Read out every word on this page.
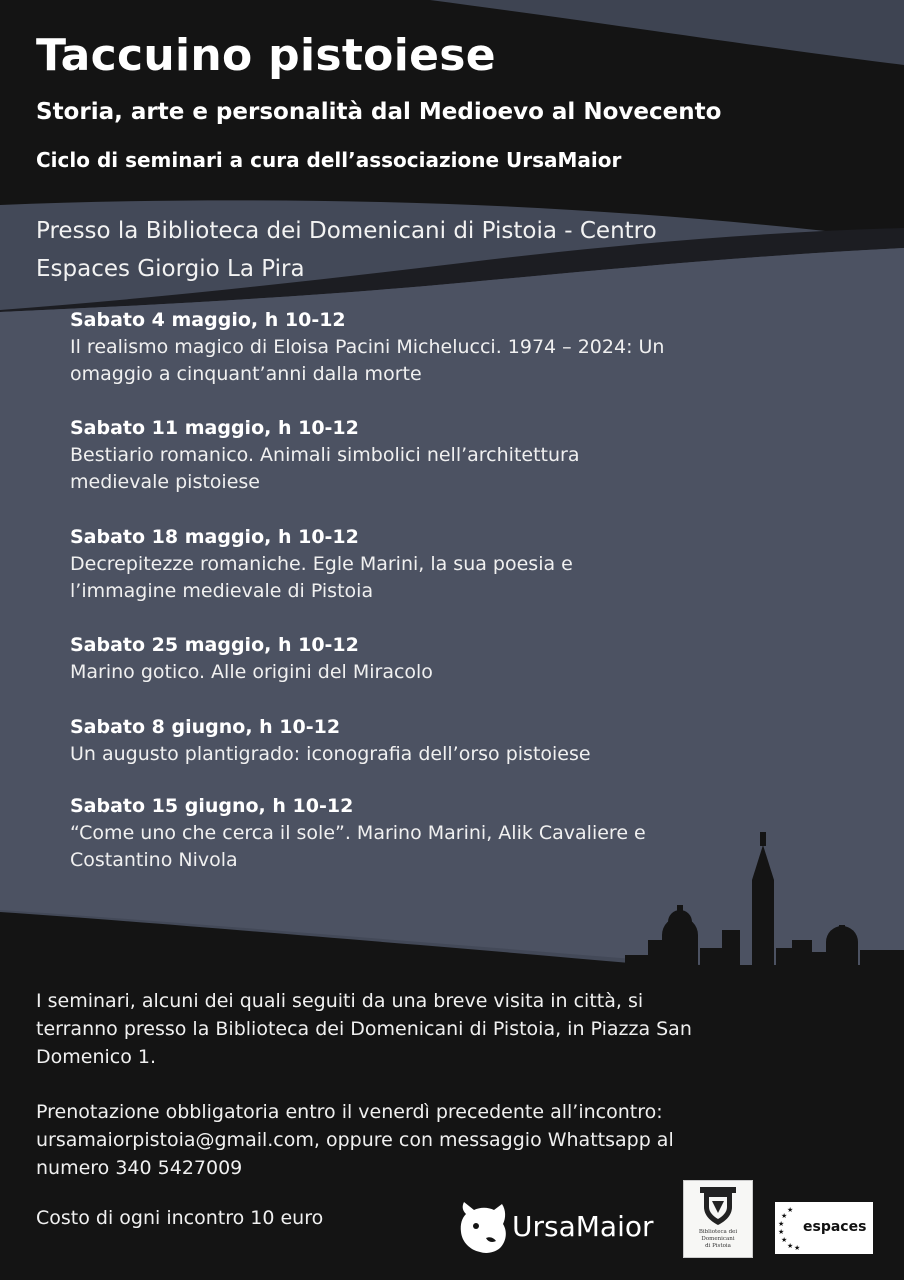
Taccuino pistoiese
Storia, arte e personalità dal Medioevo al Novecento
Ciclo di seminari a cura dell’associazione UrsaMaior

Presso la Biblioteca dei Domenicani di Pistoia - Centro
Espaces Giorgio La Pira

Sabato 4 maggio, h 10-12
Il realismo magico di Eloisa Pacini Michelucci. 1974 – 2024: Un
omaggio a cinquant’anni dalla morte
Sabato 11 maggio, h 10-12
Bestiario romanico. Animali simbolici nell’architettura
medievale pistoiese
Sabato 18 maggio, h 10-12
Decrepitezze romaniche. Egle Marini, la sua poesia e
l’immagine medievale di Pistoia
Sabato 25 maggio, h 10-12
Marino gotico. Alle origini del Miracolo
Sabato 8 giugno, h 10-12
Un augusto plantigrado: iconografia dell’orso pistoiese
Sabato 15 giugno, h 10-12
“Come uno che cerca il sole”. Marino Marini, Alik Cavaliere e
Costantino Nivola

I seminari, alcuni dei quali seguiti da una breve visita in città, si
terranno presso la Biblioteca dei Domenicani di Pistoia, in Piazza San
Domenico 1.

Prenotazione obbligatoria entro il venerdì precedente all’incontro:
ursamaiorpistoia@gmail.com, oppure con messaggio Whattsapp al
numero 340 5427009

Costo di ogni incontro 10 euro	UrsaMaior	Biblioteca dei
Domenicani
di Pistoia
★
★
★
★
★
★ ★
espaces
